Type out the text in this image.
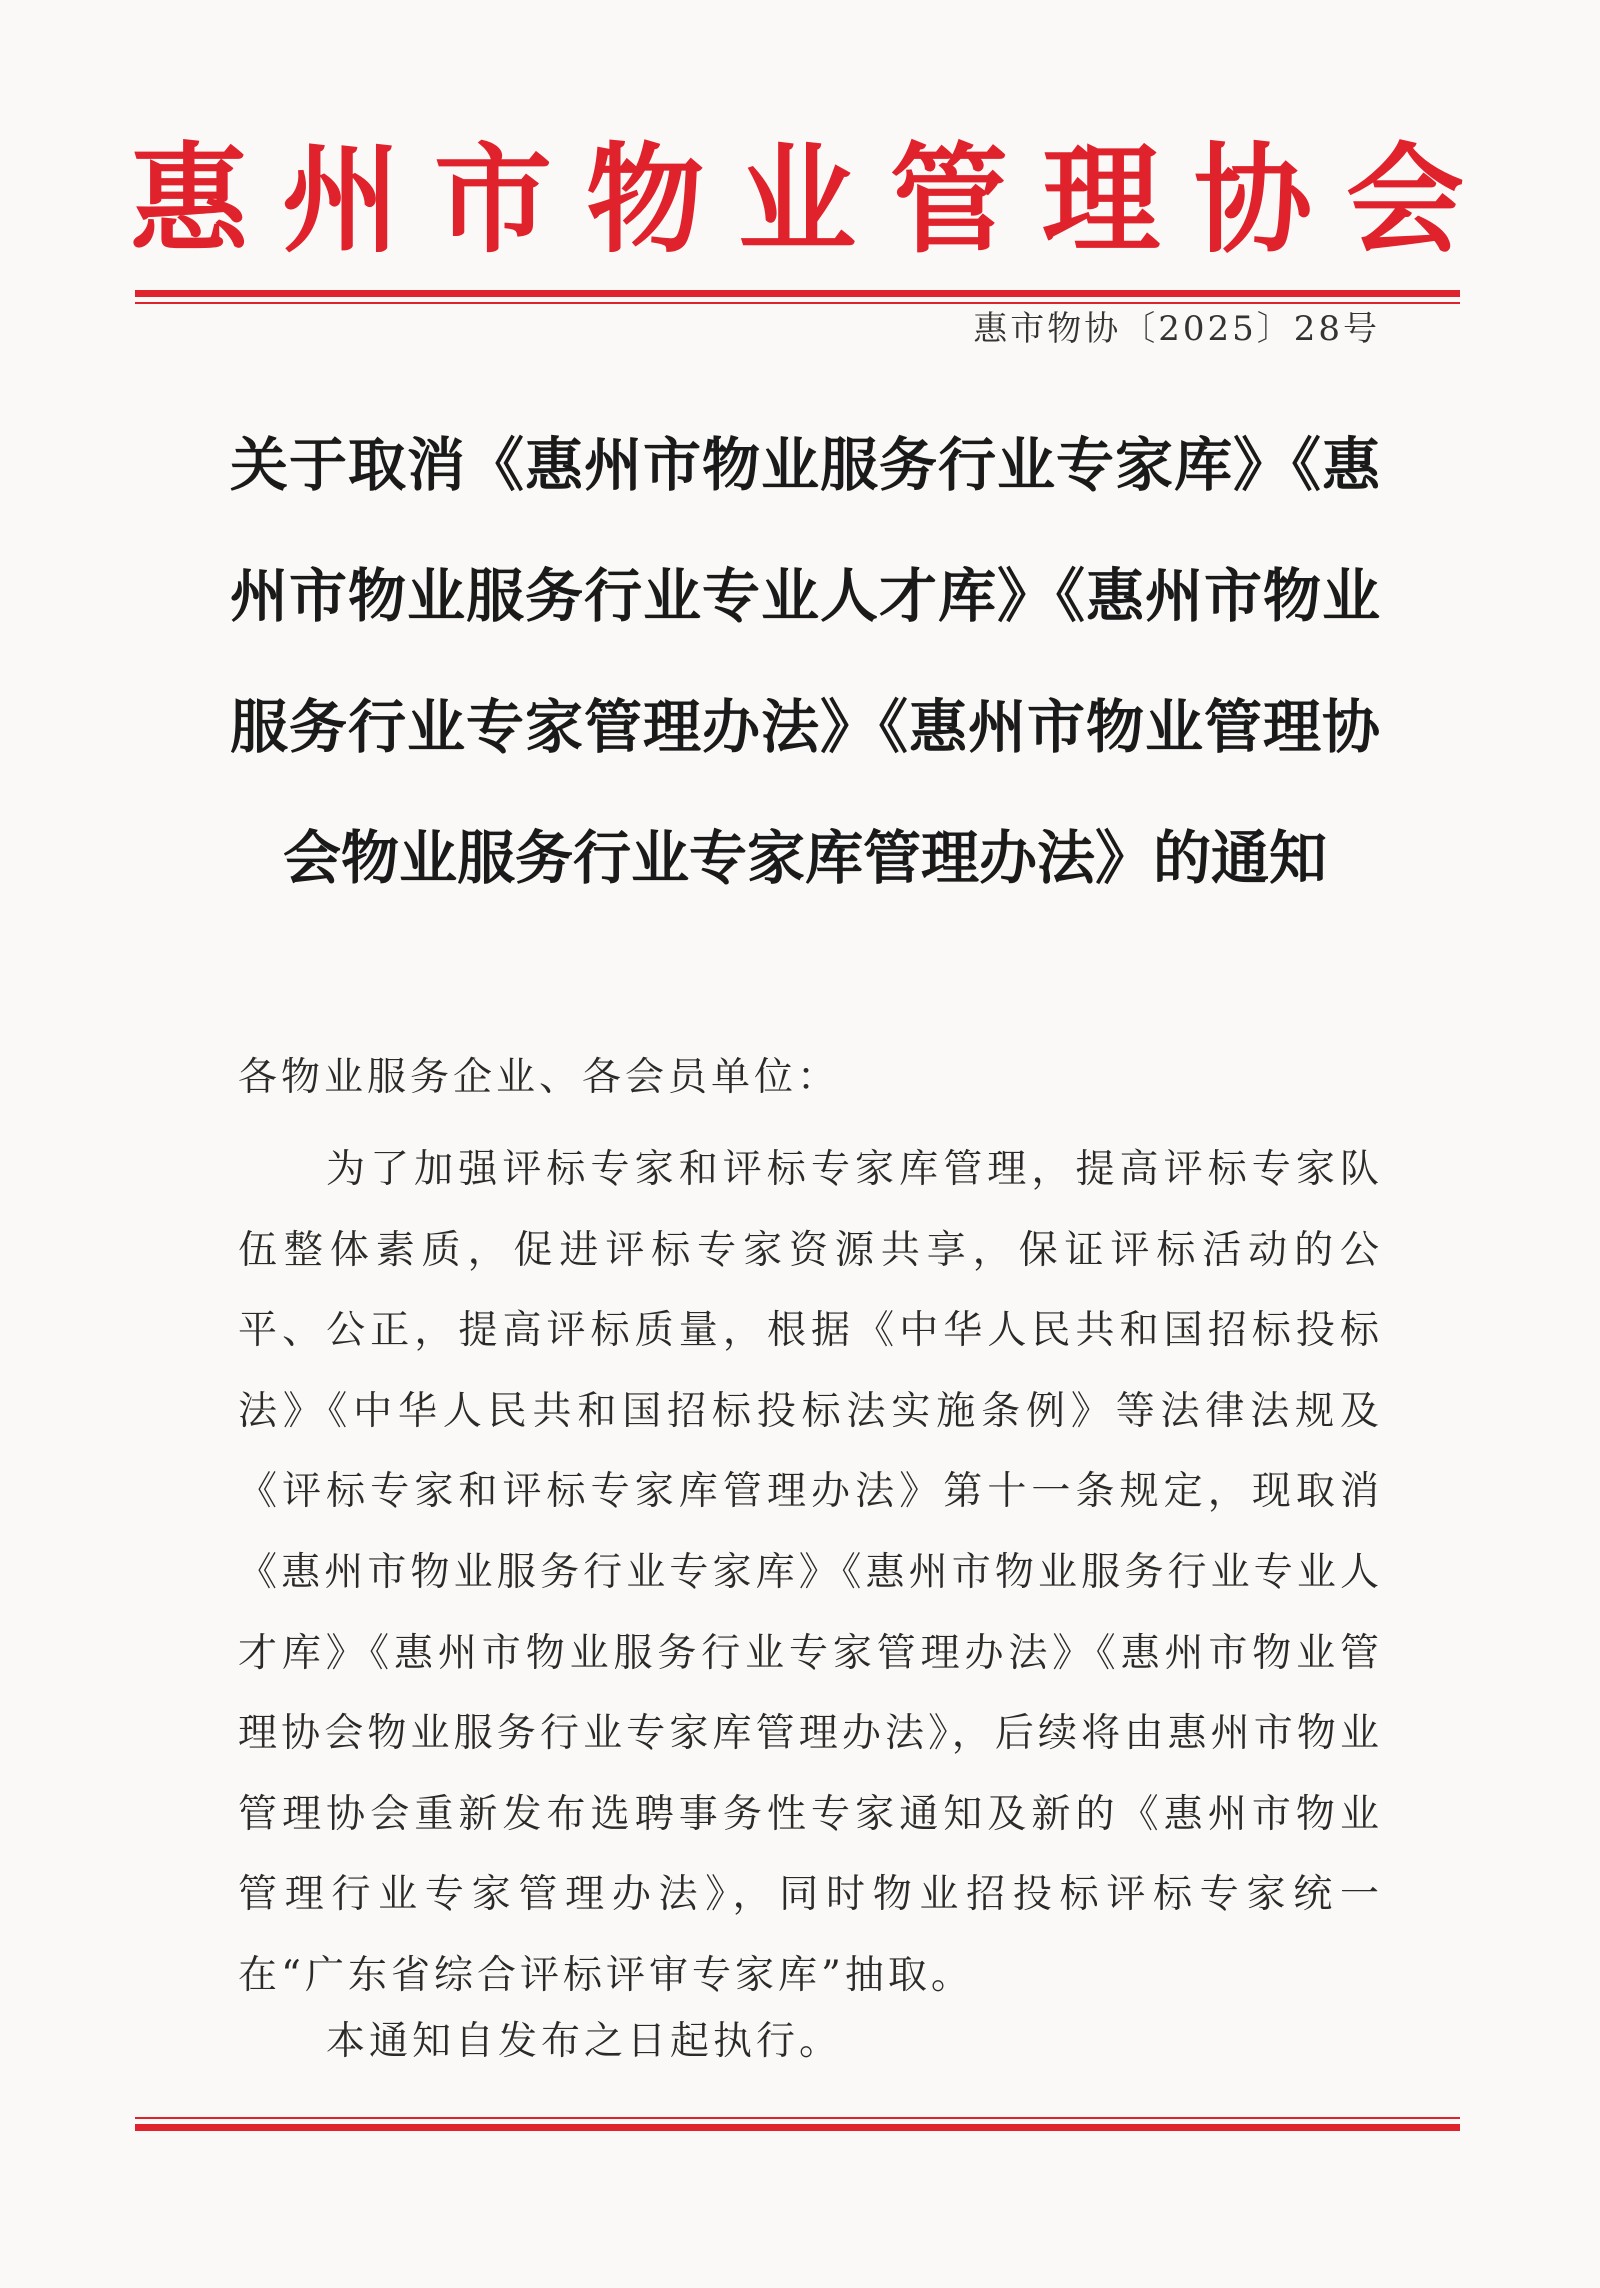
惠州市物业管理协会
惠市物协〔2025〕28号
关于取消《惠州市物业服务行业专家库》《惠州市物业服务行业专业人才库》《惠州市物业服务行业专家管理办法》《惠州市物业管理协会物业服务行业专家库管理办法》的通知
各物业服务企业、各会员单位：
为了加强评标专家和评标专家库管理，提高评标专家队伍整体素质，促进评标专家资源共享，保证评标活动的公平、公正，提高评标质量，根据《中华人民共和国招标投标法》《中华人民共和国招标投标法实施条例》等法律法规及《评标专家和评标专家库管理办法》第十一条规定，现取消《惠州市物业服务行业专家库》《惠州市物业服务行业专业人才库》《惠州市物业服务行业专家管理办法》《惠州市物业管理协会物业服务行业专家库管理办法》，后续将由惠州市物业管理协会重新发布选聘事务性专家通知及新的《惠州市物业管理行业专家管理办法》，同时物业招投标评标专家统一在“广东省综合评标评审专家库”抽取。
本通知自发布之日起执行。
